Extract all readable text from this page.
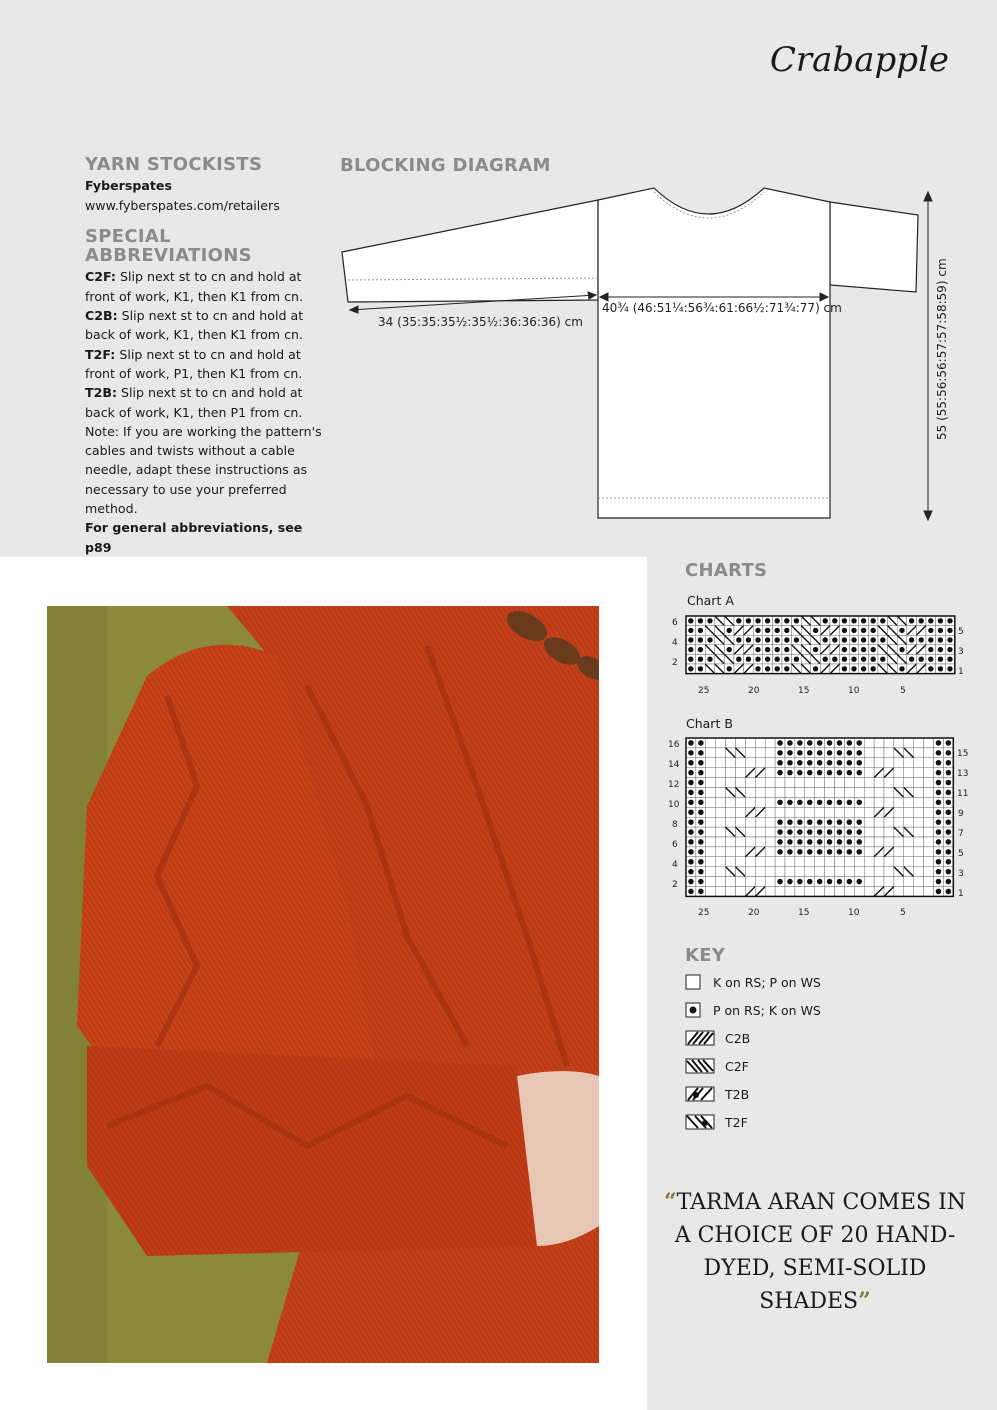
Crabapple
YARN STOCKISTS
Fyberspates
www.fyberspates.com/retailers
SPECIAL ABBREVIATIONS
C2F: Slip next st to cn and hold at front of work, K1, then K1 from cn.
C2B: Slip next st to cn and hold at back of work, K1, then K1 from cn.
T2F: Slip next st to cn and hold at front of work, P1, then K1 from cn.
T2B: Slip next st to cn and hold at back of work, K1, then P1 from cn.
Note: If you are working the pattern's cables and twists without a cable needle, adapt these instructions as necessary to use your preferred method.
For general abbreviations, see p89
BLOCKING DIAGRAM
34 (35:35:35½:35½:36:36:36) cm
40¾ (46:51¼:56¾:61:66½:71¾:77) cm	55 (55:56:56:57:57:58:59) cm
CHARTS
Chart A
6
4
2
5
3
1
25	20	15	10	5
Chart B
16
14
12
10
8
6
4
2
15
13
11
9
7
5
3
1
25	20	15	10	5
KEY
K on RS; P on WS
P on RS; K on WS
C2B
C2F
T2B
T2F
“TARMA ARAN COMES IN A CHOICE OF 20 HAND-DYED, SEMI-SOLID SHADES”
